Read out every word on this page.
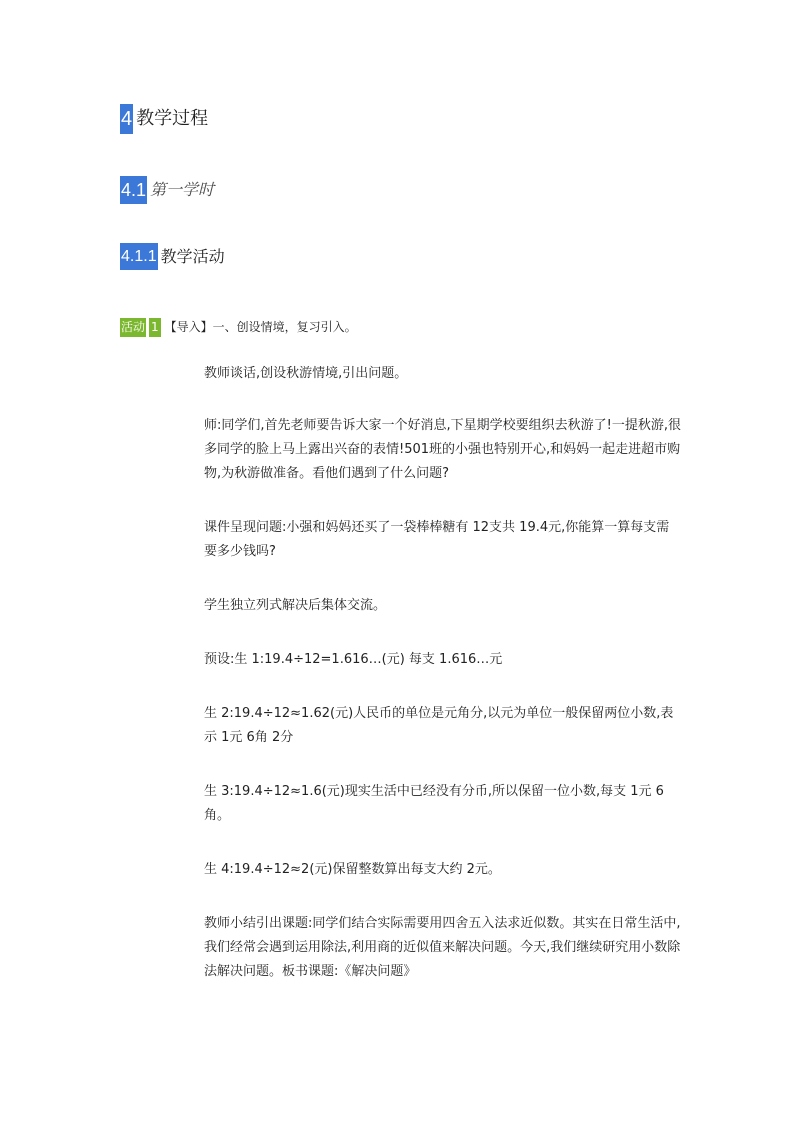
4 教学过程
4.1 第一学时
4.1.1 教学活动
活动 1 【导入】一、创设情境，复习引入。

教师谈话,创设秋游情境,引出问题。

师:同学们,首先老师要告诉大家一个好消息,下星期学校要组织去秋游了!一提秋游,很多同学的脸上马上露出兴奋的表情!501班的小强也特别开心,和妈妈一起走进超市购物,为秋游做准备。看他们遇到了什么问题?

课件呈现问题:小强和妈妈还买了一袋棒棒糖有 12支共 19.4元,你能算一算每支需要多少钱吗?

学生独立列式解决后集体交流。

预设:生 1:19.4÷12=1.616…(元) 每支 1.616…元

生 2:19.4÷12≈1.62(元)人民币的单位是元角分,以元为单位一般保留两位小数,表示 1元 6角 2分

生 3:19.4÷12≈1.6(元)现实生活中已经没有分币,所以保留一位小数,每支 1元 6角。

生 4:19.4÷12≈2(元)保留整数算出每支大约 2元。

教师小结引出课题:同学们结合实际需要用四舍五入法求近似数。其实在日常生活中,我们经常会遇到运用除法,利用商的近似值来解决问题。今天,我们继续研究用小数除法解决问题。板书课题:《解决问题》
